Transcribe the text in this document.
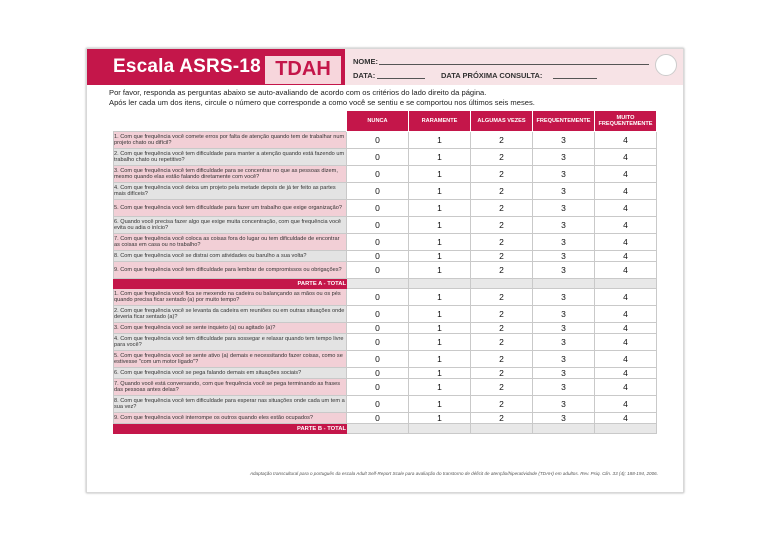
Escala ASRS-18 TDAH	NOME:
DATA:	DATA PRÓXIMA CONSULTA:
Por favor, responda as perguntas abaixo se auto-avaliando de acordo com os critérios do lado direito da página.
Após ler cada um dos itens, circule o número que corresponde a como você se sentiu e se comportou nos últimos seis meses.
	NUNCA	RARAMENTE	ALGUMAS VEZES	FREQUENTEMENTE	MUITO FREQUENTEMENTE
1. Com que frequência você comete erros por falta de atenção quando tem de trabalhar num projeto chato ou difícil?	0	1	2	3	4
2. Com que frequência você tem dificuldade para manter a atenção quando está fazendo um trabalho chato ou repetitivo?	0	1	2	3	4
3. Com que frequência você tem dificuldade para se concentrar no que as pessoas dizem, mesmo quando elas estão falando diretamente com você?	0	1	2	3	4
4. Com que frequência você deixa um projeto pela metade depois de já ter feito as partes mais difíceis?	0	1	2	3	4
5. Com que frequência você tem dificuldade para fazer um trabalho que exige organização?	0	1	2	3	4
6. Quando você precisa fazer algo que exige muita concentração, com que frequência você evita ou adia o início?	0	1	2	3	4
7. Com que frequência você coloca as coisas fora do lugar ou tem dificuldade de encontrar as coisas em casa ou no trabalho?	0	1	2	3	4
8. Com que frequência você se distrai com atividades ou barulho a sua volta?	0	1	2	3	4
9. Com que frequência você tem dificuldade para lembrar de compromissos ou obrigações?	0	1	2	3	4
PARTE A - TOTAL					
1. Com que frequência você fica se mexendo na cadeira ou balançando as mãos ou os pés quando precisa ficar sentado (a) por muito tempo?	0	1	2	3	4
2. Com que frequência você se levanta da cadeira em reuniões ou em outras situações onde deveria ficar sentado (a)?	0	1	2	3	4
3. Com que frequência você se sente inquieto (a) ou agitado (a)?	0	1	2	3	4
4. Com que frequência você tem dificuldade para sossegar e relaxar quando tem tempo livre para você?	0	1	2	3	4
5. Com que frequência você se sente ativo (a) demais e necessitando fazer coisas, como se estivesse "com um motor ligado"?	0	1	2	3	4
6. Com que frequência você se pega falando demais em situações sociais?	0	1	2	3	4
7. Quando você está conversando, com que frequência você se pega terminando as frases das pessoas antes delas?	0	1	2	3	4
8. Com que frequência você tem dificuldade para esperar nas situações onde cada um tem a sua vez?	0	1	2	3	4
9. Com que frequência você interrompe os outros quando eles estão ocupados?	0	1	2	3	4
PARTE B - TOTAL					
Adaptação transcultural para o português da escala Adult Self-Report Scale para avaliação do transtorno de déficit de atenção/hiperatividade (TDAH) em adultos. Rev. Psiq. Clin. 33 (4); 188-194, 2006.
